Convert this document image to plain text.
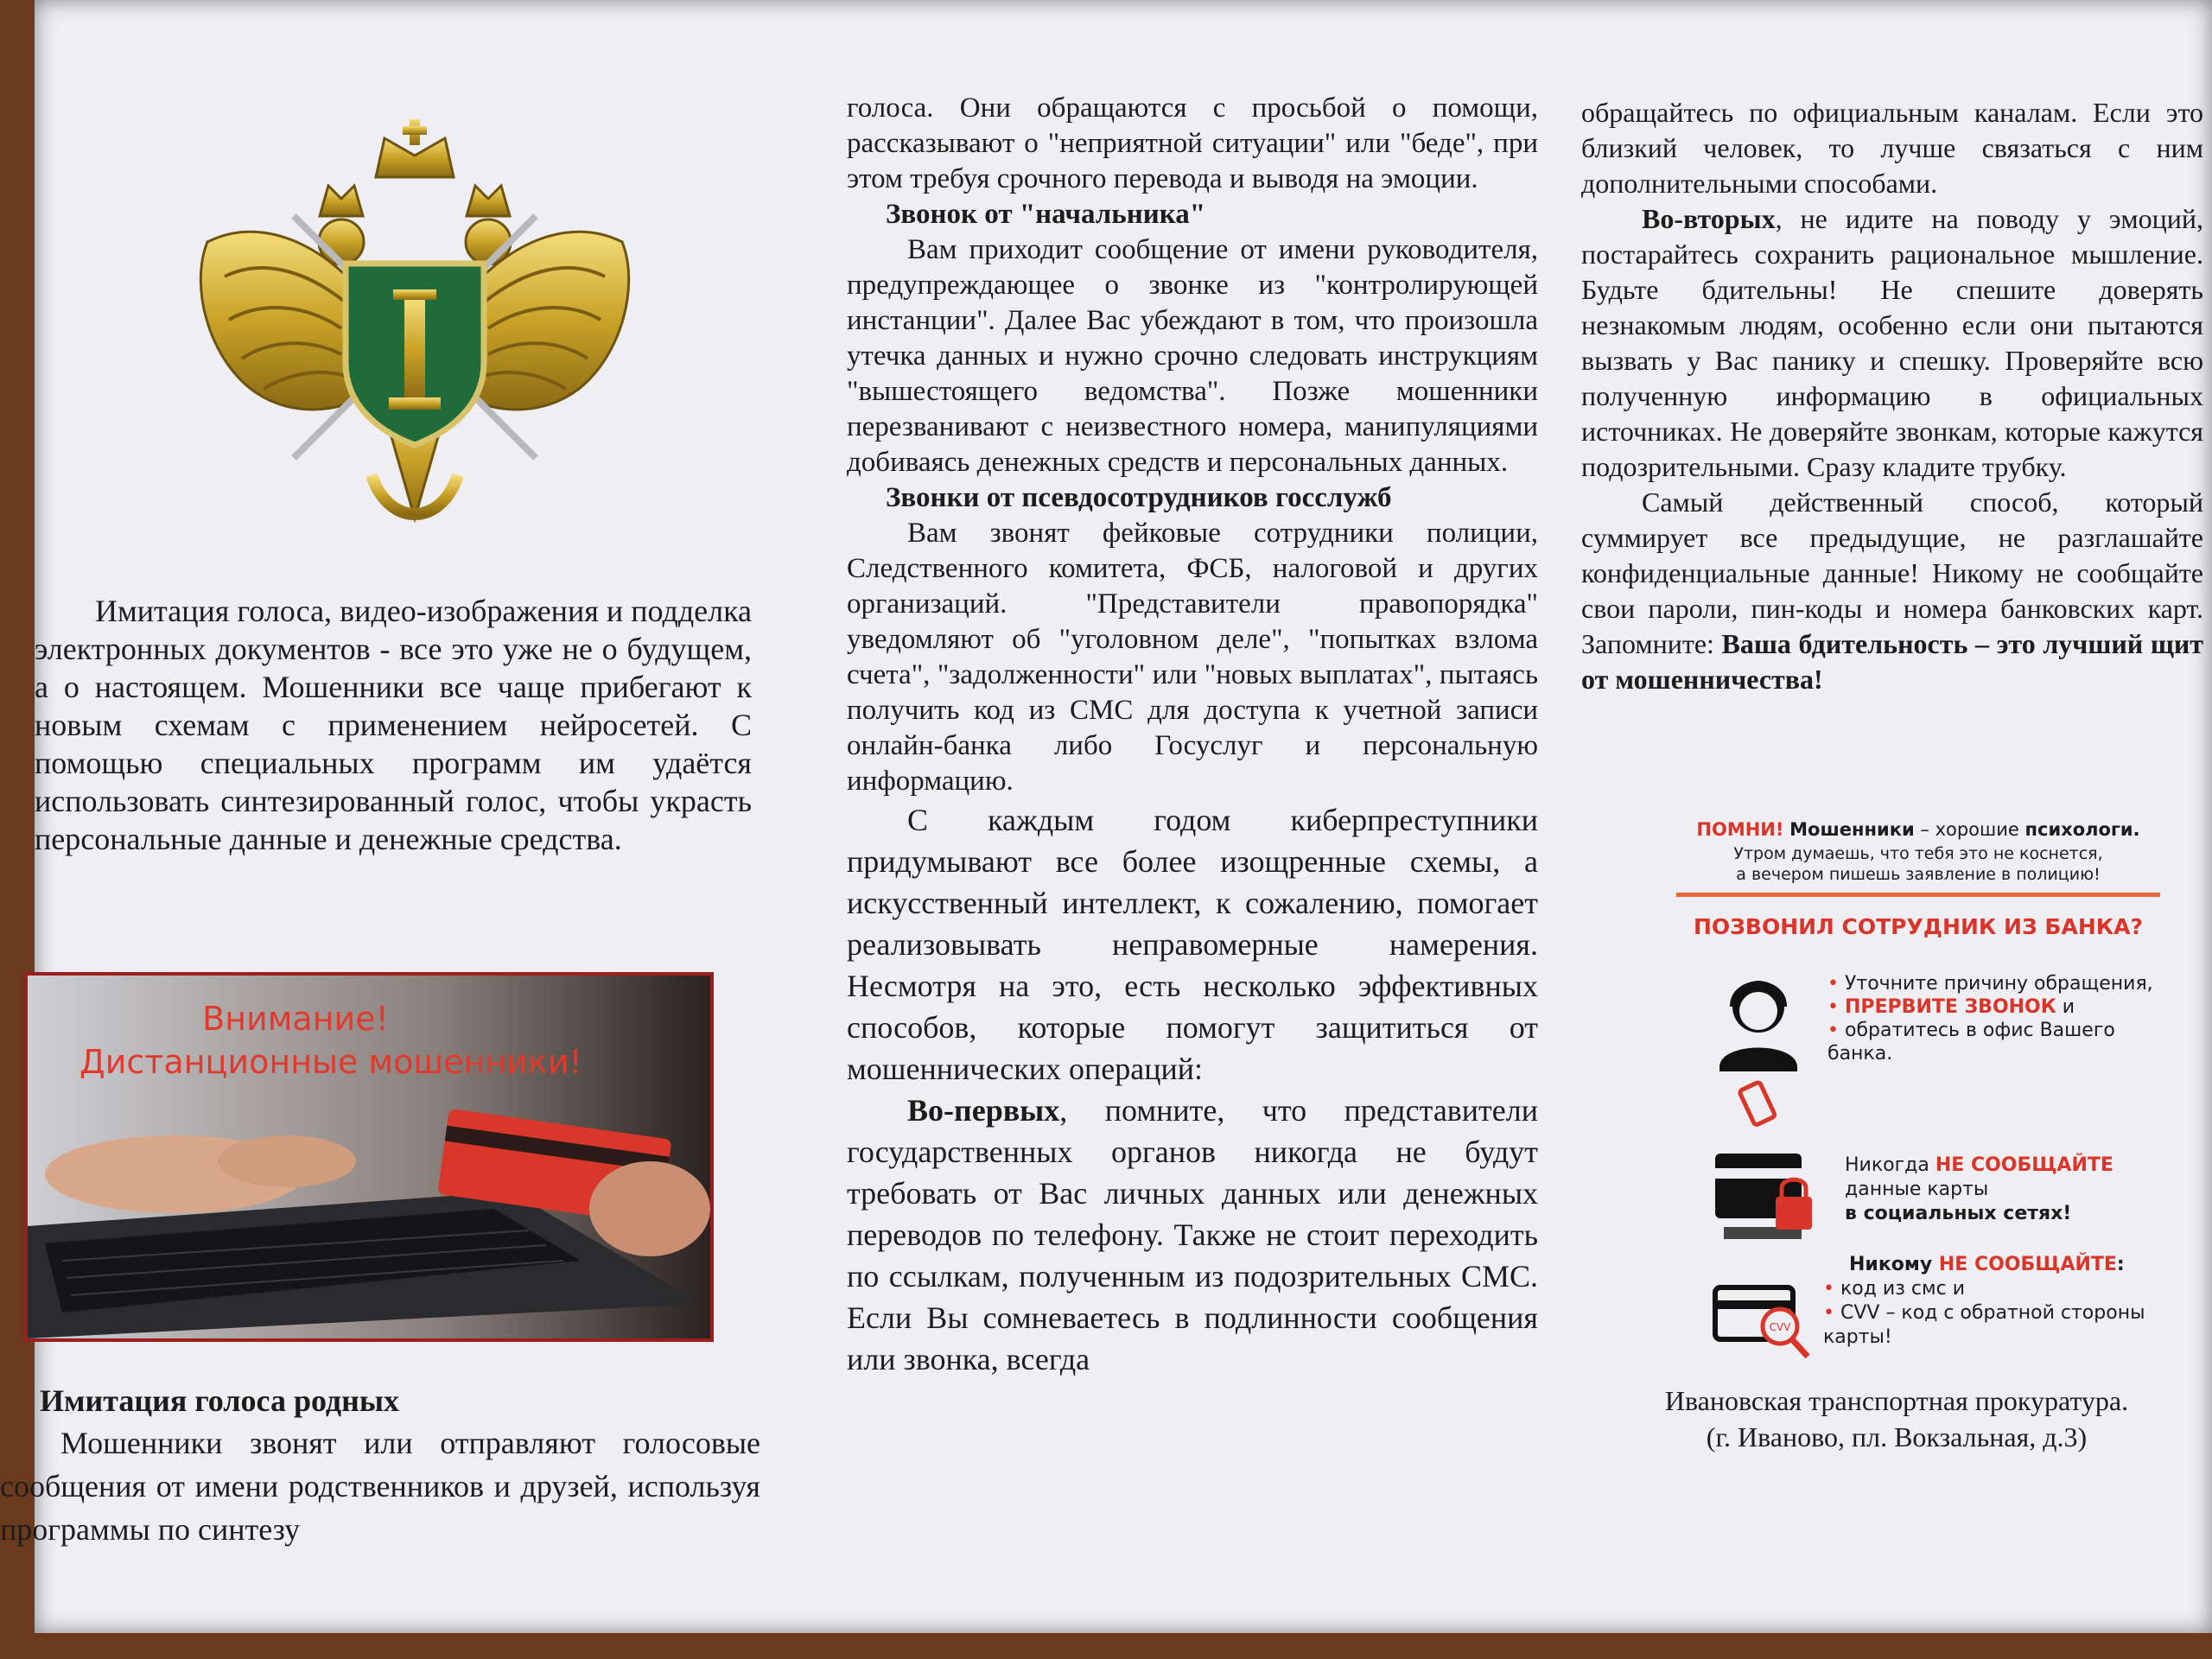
Имитация голоса, видео-изображения и подделка электронных документов - все это уже не о будущем, а о настоящем. Мошенники все чаще прибегают к новым схемам с применением нейросетей. С помощью специальных программ им удаётся использовать синтезированный голос, чтобы украсть персональные данные и денежные средства.

Внимание!
Дистанционные мошенники!
Имитация голоса родных

Мошенники звонят или отправляют голосовые сообщения от имени родственников и друзей, используя программы по синтезу

голоса. Они обращаются с просьбой о помощи, рассказывают о "неприятной ситуации" или "беде", при этом требуя срочного перевода и выводя на эмоции.

Звонок от "начальника"

Вам приходит сообщение от имени руководителя, предупреждающее о звонке из "контролирующей инстанции". Далее Вас убеждают в том, что произошла утечка данных и нужно срочно следовать инструкциям "вышестоящего ведомства". Позже мошенники перезванивают с неизвестного номера, манипуляциями добиваясь денежных средств и персональных данных.

Звонки от псевдосотрудников госслужб

Вам звонят фейковые сотрудники полиции, Следственного комитета, ФСБ, налоговой и других организаций. "Представители правопорядка" уведомляют об "уголовном деле", "попытках взлома счета", "задолженности" или "новых выплатах", пытаясь получить код из СМС для доступа к учетной записи онлайн-банка либо Госуслуг и персональную информацию.

С каждым годом киберпреступники придумывают все более изощренные схемы, а искусственный интеллект, к сожалению, помогает реализовывать неправомерные намерения. Несмотря на это, есть несколько эффективных способов, которые помогут защититься от мошеннических операций:

Во-первых, помните, что представители государственных органов никогда не будут требовать от Вас личных данных или денежных переводов по телефону. Также не стоит переходить по ссылкам, полученным из подозрительных СМС. Если Вы сомневаетесь в подлинности сообщения или звонка, всегда

обращайтесь по официальным каналам. Если это близкий человек, то лучше связаться с ним дополнительными способами.

Во-вторых, не идите на поводу у эмоций, постарайтесь сохранить рациональное мышление. Будьте бдительны! Не спешите доверять незнакомым людям, особенно если они пытаются вызвать у Вас панику и спешку. Проверяйте всю полученную информацию в официальных источниках. Не доверяйте звонкам, которые кажутся подозрительными. Сразу кладите трубку.

Самый действенный способ, который суммирует все предыдущие, не разглашайте конфиденциальные данные! Никому не сообщайте свои пароли, пин-коды и номера банковских карт. Запомните: Ваша бдительность – это лучший щит от мошенничества!

ПОМНИ! Мошенники – хорошие психологи.
Утром думаешь, что тебя это не коснется,
а вечером пишешь заявление в полицию!
ПОЗВОНИЛ СОТРУДНИК ИЗ БАНКА?
• Уточните причину обращения,
• ПРЕРВИТЕ ЗВОНОК и
• обратитесь в офис Вашего банка.
Никогда НЕ СООБЩАЙТЕ
данные карты
в социальных сетях!
CVV
Никому НЕ СООБЩАЙТЕ:
• код из смс и
• CVV – код с обратной стороны карты!

Ивановская транспортная прокуратура.

(г. Иваново, пл. Вокзальная, д.3)
